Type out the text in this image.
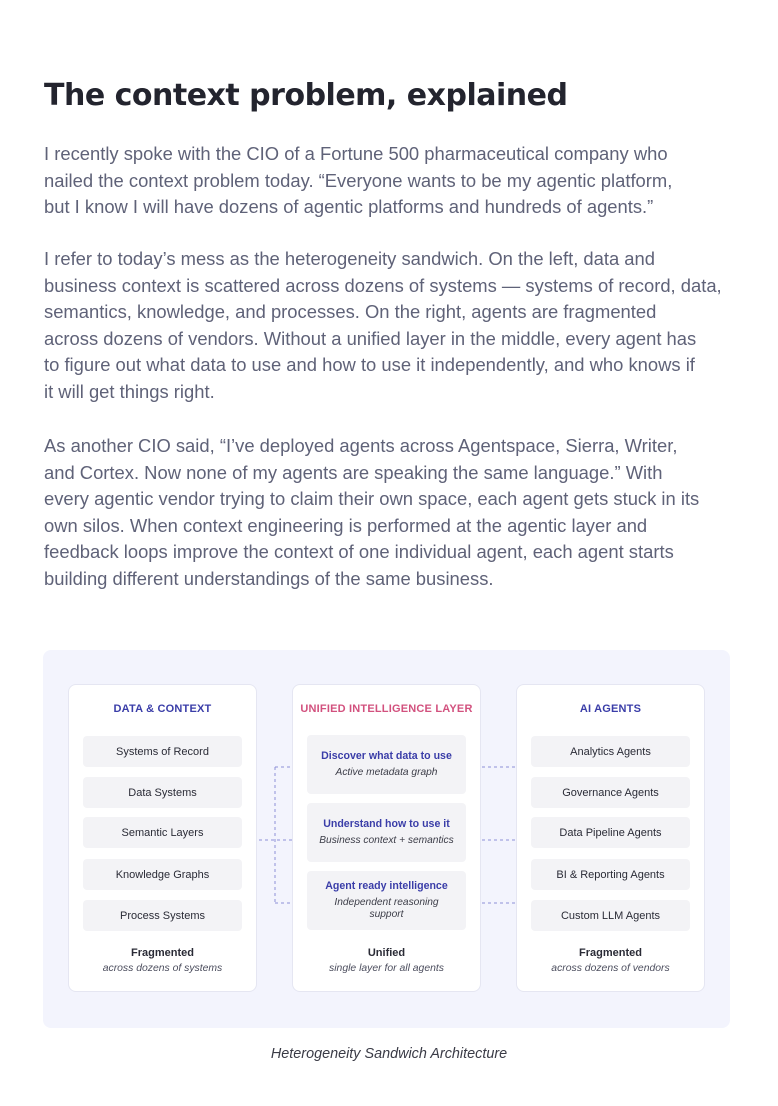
The context problem, explained

I recently spoke with the CIO of a Fortune 500 pharmaceutical company who
nailed the context problem today. “Everyone wants to be my agentic platform,
but I know I will have dozens of agentic platforms and hundreds of agents.”

I refer to today’s mess as the heterogeneity sandwich. On the left, data and
business context is scattered across dozens of systems — systems of record, data,
semantics, knowledge, and processes. On the right, agents are fragmented
across dozens of vendors. Without a unified layer in the middle, every agent has
to figure out what data to use and how to use it independently, and who knows if
it will get things right.

As another CIO said, “I’ve deployed agents across Agentspace, Sierra, Writer,
and Cortex. Now none of my agents are speaking the same language.” With
every agentic vendor trying to claim their own space, each agent gets stuck in its
own silos. When context engineering is performed at the agentic layer and
feedback loops improve the context of one individual agent, each agent starts
building different understandings of the same business.

DATA & CONTEXT
Systems of Record
Data Systems
Semantic Layers
Knowledge Graphs
Process Systems
Fragmented
across dozens of systems
UNIFIED INTELLIGENCE LAYER
Discover what data to use
Active metadata graph
Understand how to use it
Business context + semantics
Agent ready intelligence
Independent reasoning support
Unified
single layer for all agents
AI AGENTS
Analytics Agents
Governance Agents
Data Pipeline Agents
BI & Reporting Agents
Custom LLM Agents
Fragmented
across dozens of vendors
Heterogeneity Sandwich Architecture
